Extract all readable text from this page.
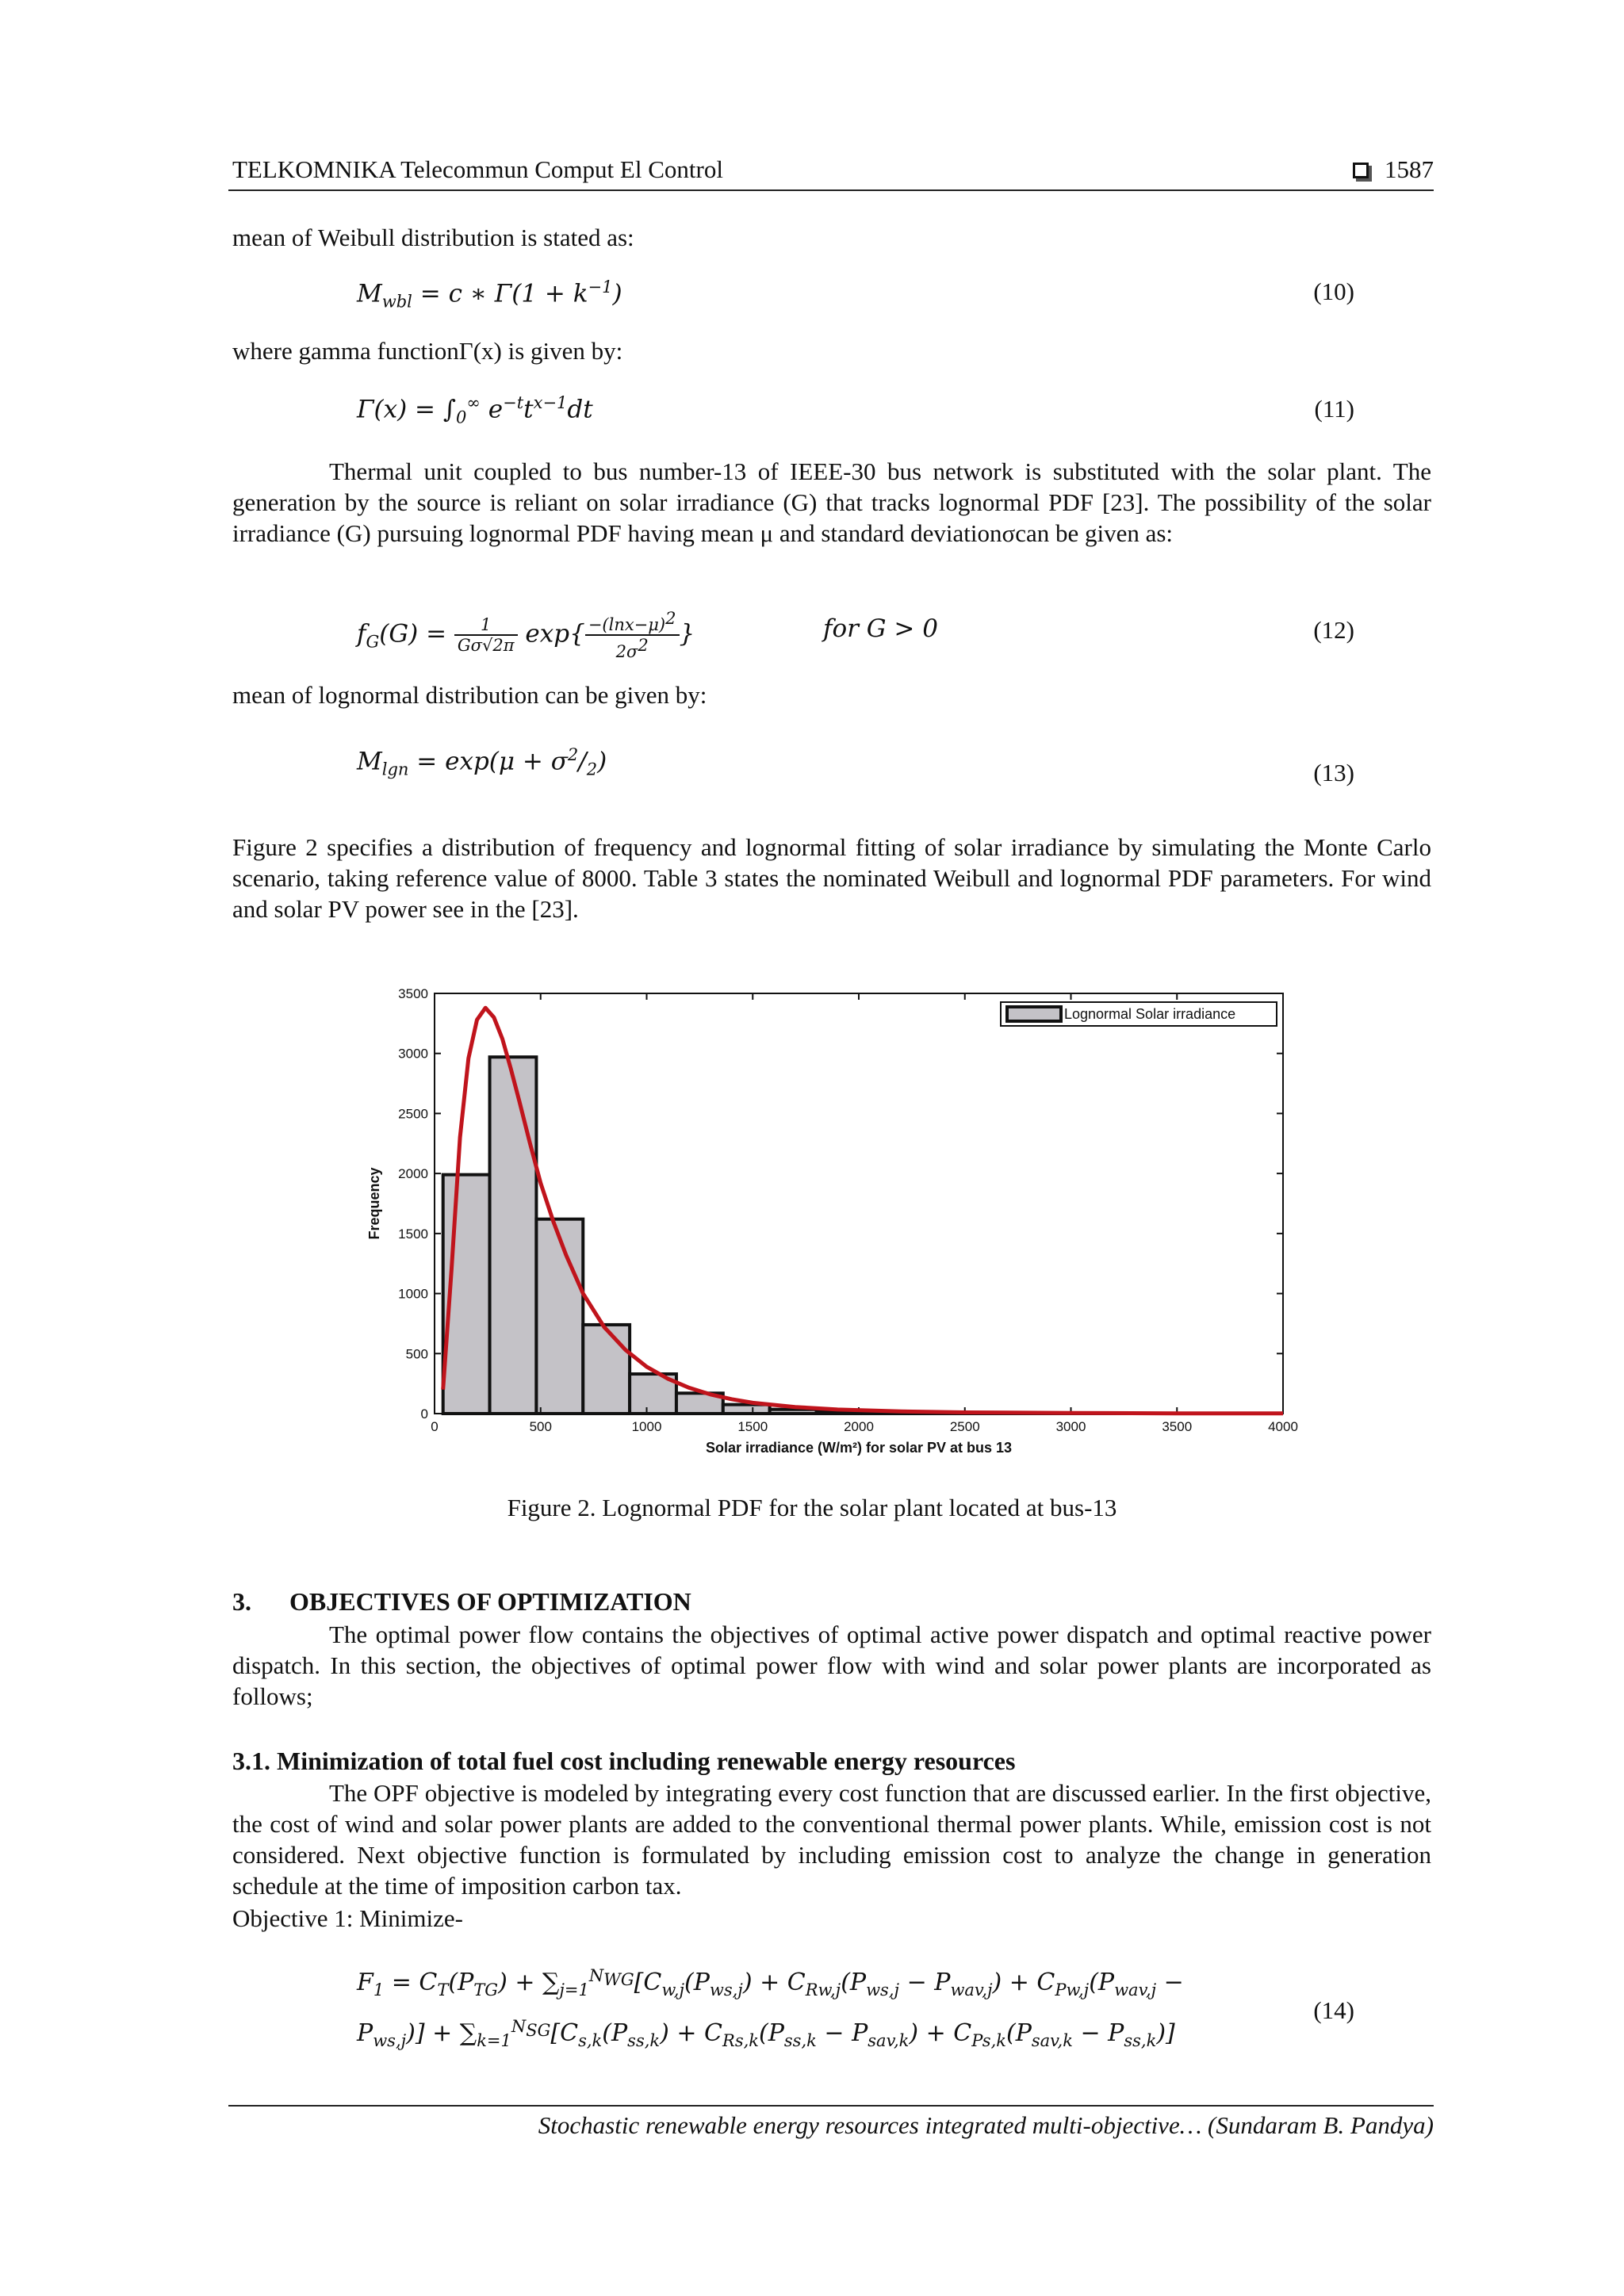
TELKOMNIKA Telecommun Comput El Control	1587
mean of Weibull distribution is stated as:
$M_{wbl} = c$ ∗ $\Gamma(1 + k^{-1})$	(10)
where gamma functionΓ(x) is given by:
$\Gamma(x) = \int_0^\infty$ $e^{-t}t^{x-1}dt$	(11)
Thermal unit coupled to bus number-13 of IEEE-30 bus network is substituted with the solar plant. The generation by the source is reliant on solar irradiance (G) that tracks lognormal PDF [23]. The possibility of the solar irradiance (G) pursuing lognormal PDF having mean μ and standard deviationσcan be given as:
$f_G(G) = \frac{1}{G\sigma√2\pi} \exp\{ \frac{-(\ln x-\mu)^2}{2\sigma^2}$ }	for G > 0	(12)
mean of lognormal distribution can be given by:
$M_{lgn} = \exp(\mu + \sigma^2/_2)$	(13)
Figure 2 specifies a distribution of frequency and lognormal fitting of solar irradiance by simulating the Monte Carlo scenario, taking reference value of 8000. Table 3 states the nominated Weibull and lognormal PDF parameters. For wind and solar PV power see in the [23].
0	500	1000	1500	2000	2500	3000	3500	4000
0
500
1000
1500
2000
2500
3000
3500
Lognormal Solar irradiance
Frequency
Solar irradiance (W/m²) for solar PV at bus 13
Figure 2. Lognormal PDF for the solar plant located at bus-13
3.      OBJECTIVES OF OPTIMIZATION
The optimal power flow contains the objectives of optimal active power dispatch and optimal reactive power dispatch. In this section, the objectives of optimal power flow with wind and solar power plants are incorporated as follows;
3.1. Minimization of total fuel cost including renewable energy resources
The OPF objective is modeled by integrating every cost function that are discussed earlier. In the first objective, the cost of wind and solar power plants are added to the conventional thermal power plants. While, emission cost is not considered. Next objective function is formulated by including emission cost to analyze the change in generation schedule at the time of imposition carbon tax.
Objective 1: Minimize-
$F_1 = C_T(P_{TG}) + \sum_{j=1}^{N_{WG}}[C_{w,j}(P_{ws,j}) + C_{Rw,j}(P_{ws,j} - P_{wav,j}) + C_{Pw,j}(P_{wav,j}$ −
$P_{ws,j})] + \sum_{k=1}^{N_{SG}}[C_{s,k}(P_{ss,k}) + C_{Rs,k}(P_{ss,k} - P_{sav,k}) + C_{Ps,k}(P_{sav,k} - P_{ss,k})]$
(14)
Stochastic renewable energy resources integrated multi-objective… (Sundaram B. Pandya)
